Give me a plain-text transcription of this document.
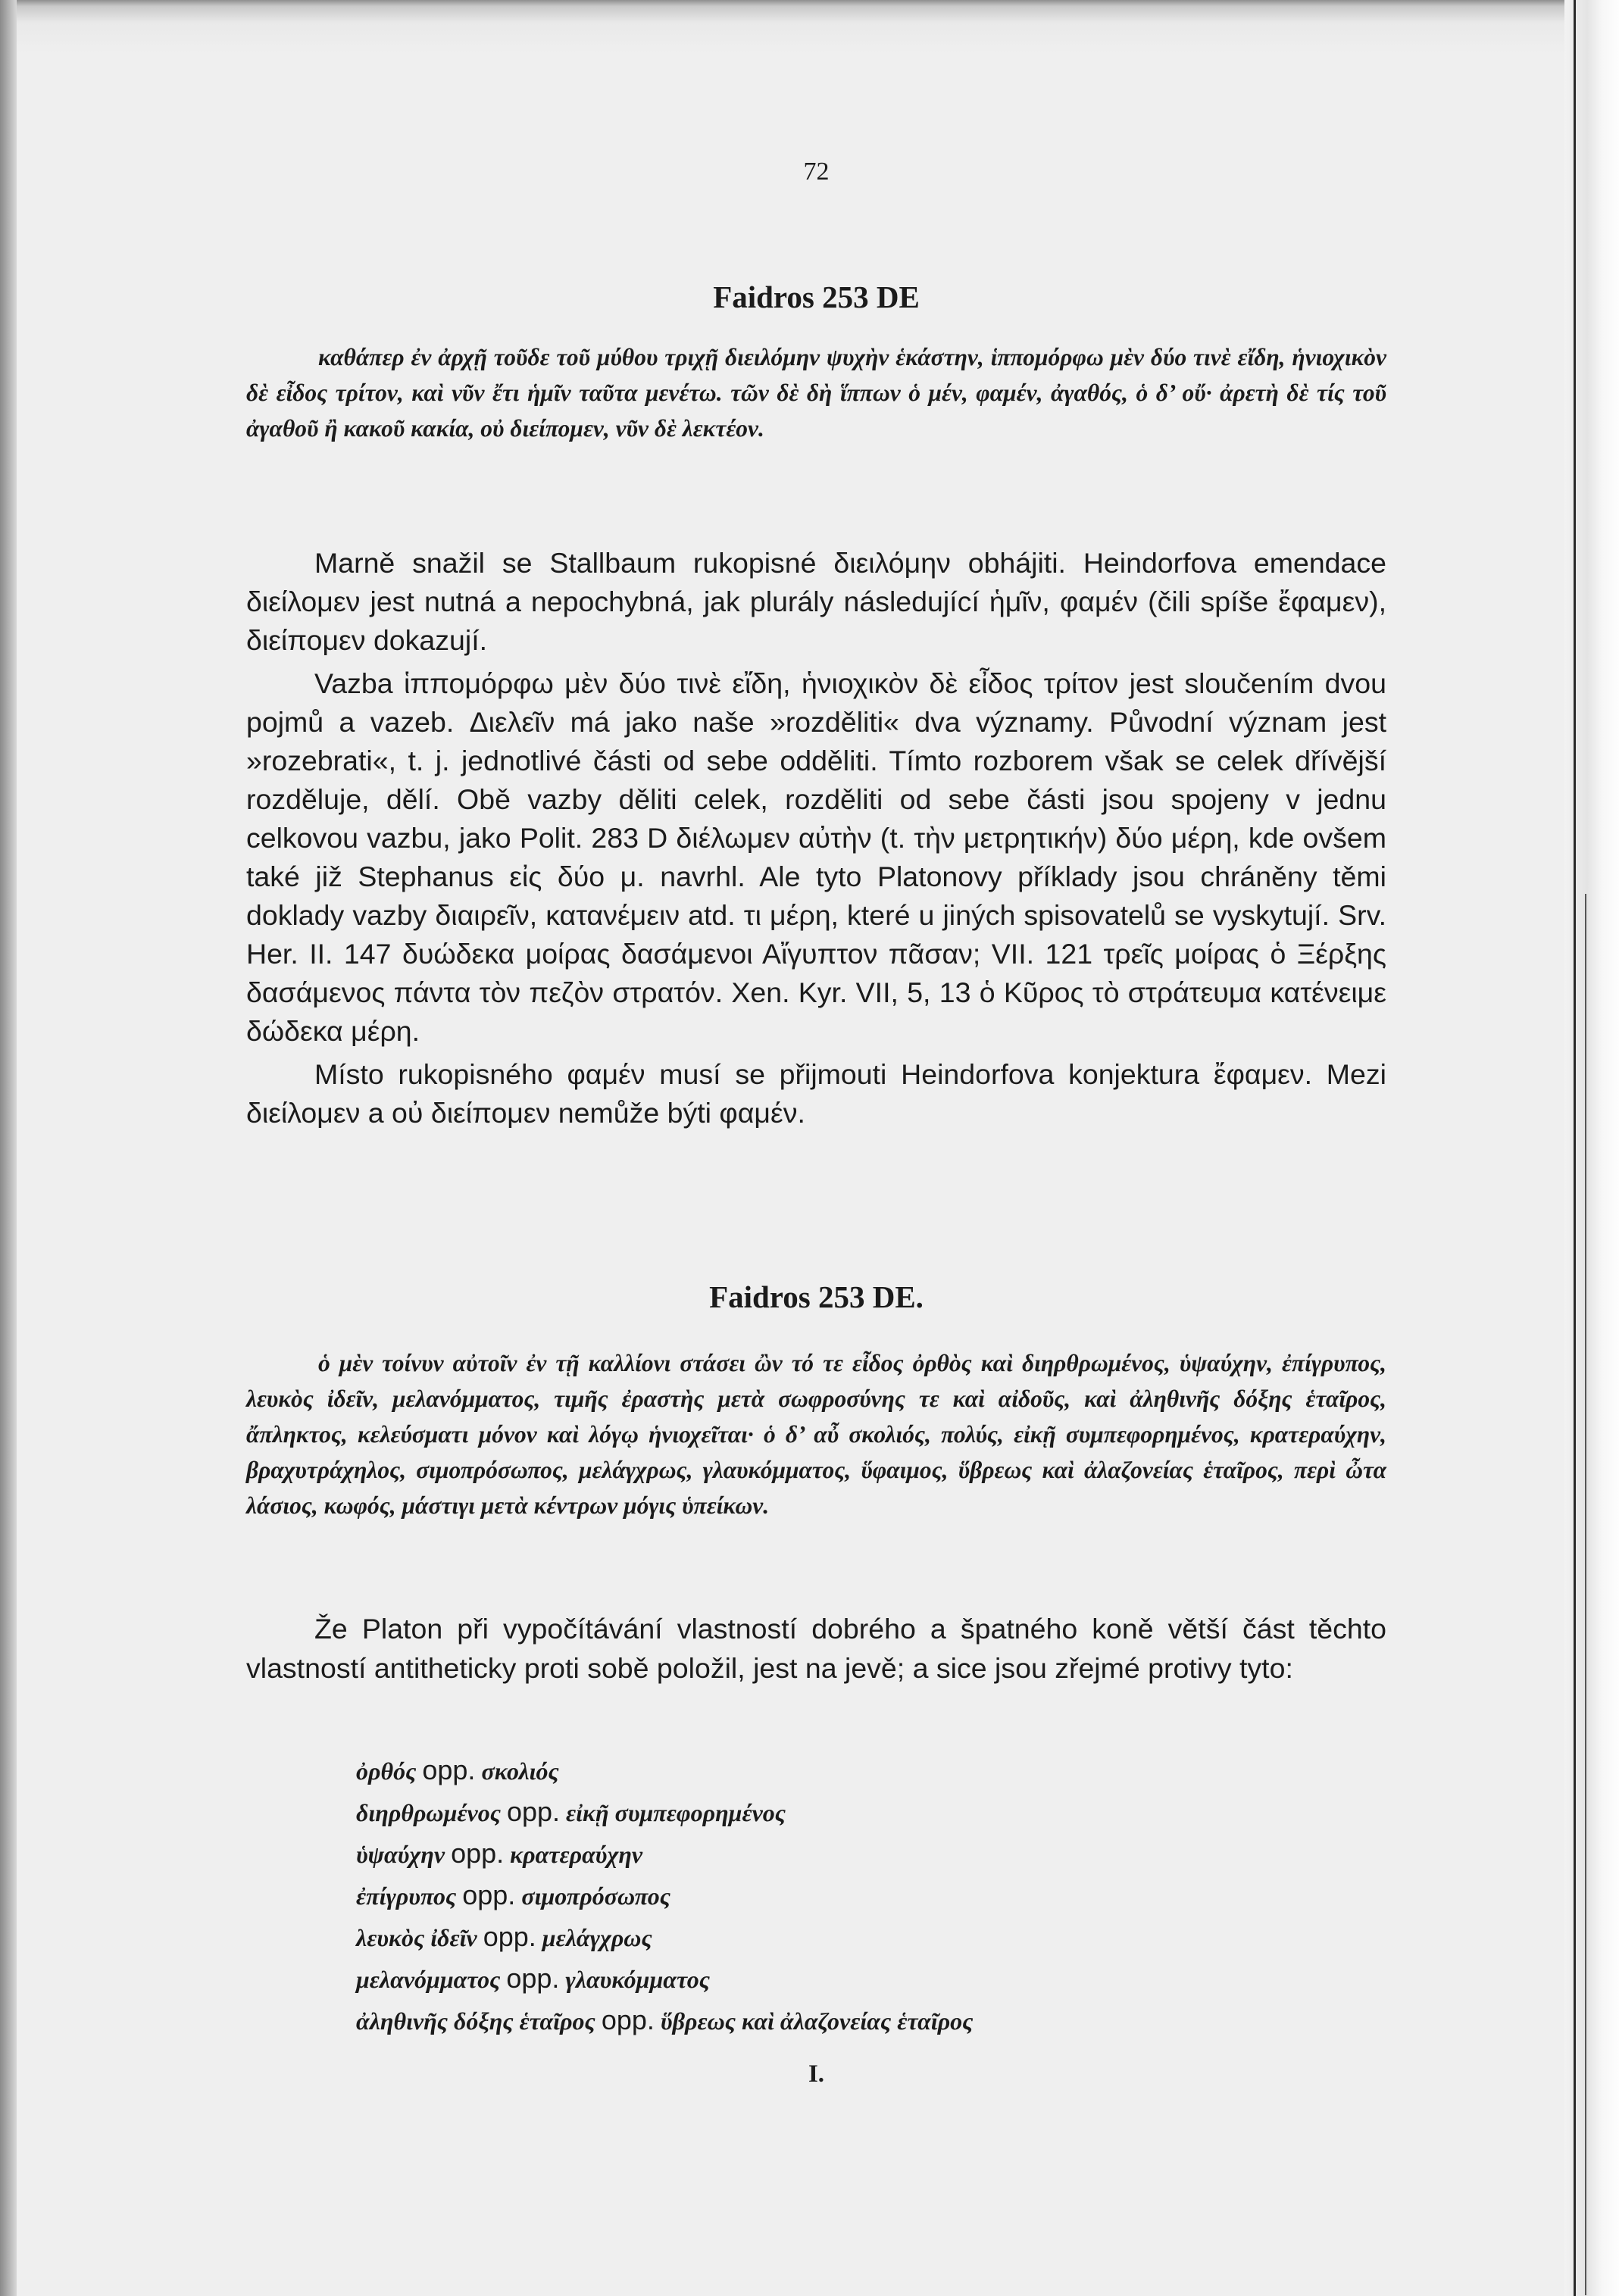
72
Faidros 253 DE

καθάπερ ἐν ἀρχῇ τοῦδε τοῦ μύθου τριχῇ διειλόμην ψυχὴν ἑκάστην, ἱππομόρφω μὲν δύο τινὲ εἴδη, ἡνιοχικὸν δὲ εἶδος τρίτον, καὶ νῦν ἔτι ἡμῖν ταῦτα μενέτω. τῶν δὲ δὴ ἵππων ὁ μέν, φαμέν, ἀγαθός, ὁ δ’ οὔ· ἀρετὴ δὲ τίς τοῦ ἀγαθοῦ ἢ κακοῦ κακία, οὐ διείπομεν, νῦν δὲ λεκτέον.

Marně snažil se Stallbaum rukopisné διειλόμην obhájiti. Heindorfova emendace διείλομεν jest nutná a nepochybná, jak plurály následující ἡμῖν, φαμέν (čili spíše ἔφαμεν), διείπομεν dokazují.

Vazba ἱππομόρφω μὲν δύο τινὲ εἴδη, ἡνιοχικὸν δὲ εἶδος τρίτον jest sloučením dvou pojmů a vazeb. Διελεῖν má jako naše »rozděliti« dva významy. Původní význam jest »rozebrati«, t. j. jednotlivé části od sebe odděliti. Tímto rozborem však se celek dřívější rozděluje, dělí. Obě vazby děliti celek, rozděliti od sebe části jsou spojeny v jednu celkovou vazbu, jako Polit. 283 D διέλωμεν αὐτὴν (t. τὴν μετρητικήν) δύο μέρη, kde ovšem také již Stephanus εἰς δύο μ. navrhl. Ale tyto Platonovy příklady jsou chráněny těmi doklady vazby διαιρεῖν, κατανέμειν atd. τι μέρη, které u jiných spisovatelů se vyskytují. Srv. Her. II. 147 δυώδεκα μοίρας δασάμενοι Αἴγυπτον πᾶσαν; VII. 121 τρεῖς μοίρας ὁ Ξέρξης δασάμενος πάντα τὸν πεζὸν στρατόν. Xen. Kyr. VII, 5, 13 ὁ Κῦρος τὸ στράτευμα κατένειμε δώδεκα μέρη.

Místo rukopisného φαμέν musí se přijmouti Heindorfova konjektura ἔφαμεν. Mezi διείλομεν a οὐ διείπομεν nemůže býti φαμέν.

Faidros 253 DE.

ὁ μὲν τοίνυν αὐτοῖν ἐν τῇ καλλίονι στάσει ὢν τό τε εἶδος ὀρθὸς καὶ διηρθρωμένος, ὑψαύχην, ἐπίγρυπος, λευκὸς ἰδεῖν, μελανόμματος, τιμῆς ἐραστὴς μετὰ σωφροσύνης τε καὶ αἰδοῦς, καὶ ἀληθινῆς δόξης ἑταῖρος, ἄπληκτος, κελεύσματι μόνον καὶ λόγῳ ἡνιοχεῖται· ὁ δ’ αὖ σκολιός, πολύς, εἰκῇ συμπεφορημένος, κρατεραύχην, βραχυτράχηλος, σιμοπρόσωπος, μελάγχρως, γλαυκόμματος, ὕφαιμος, ὕβρεως καὶ ἀλαζονείας ἑταῖρος, περὶ ὦτα λάσιος, κωφός, μάστιγι μετὰ κέντρων μόγις ὑπείκων.

Že Platon při vypočítávání vlastností dobrého a špatného koně větší část těchto vlastností antitheticky proti sobě položil, jest na jevě; a sice jsou zřejmé protivy tyto:

ὀρθός opp. σκολιός
διηρθρωμένος opp. εἰκῇ συμπεφορημένος
ὑψαύχην opp. κρατεραύχην
ἐπίγρυπος opp. σιμοπρόσωπος
λευκὸς ἰδεῖν opp. μελάγχρως
μελανόμματος opp. γλαυκόμματος
ἀληθινῆς δόξης ἑταῖρος opp. ὕβρεως καὶ ἀλαζονείας ἑταῖρος
I.
